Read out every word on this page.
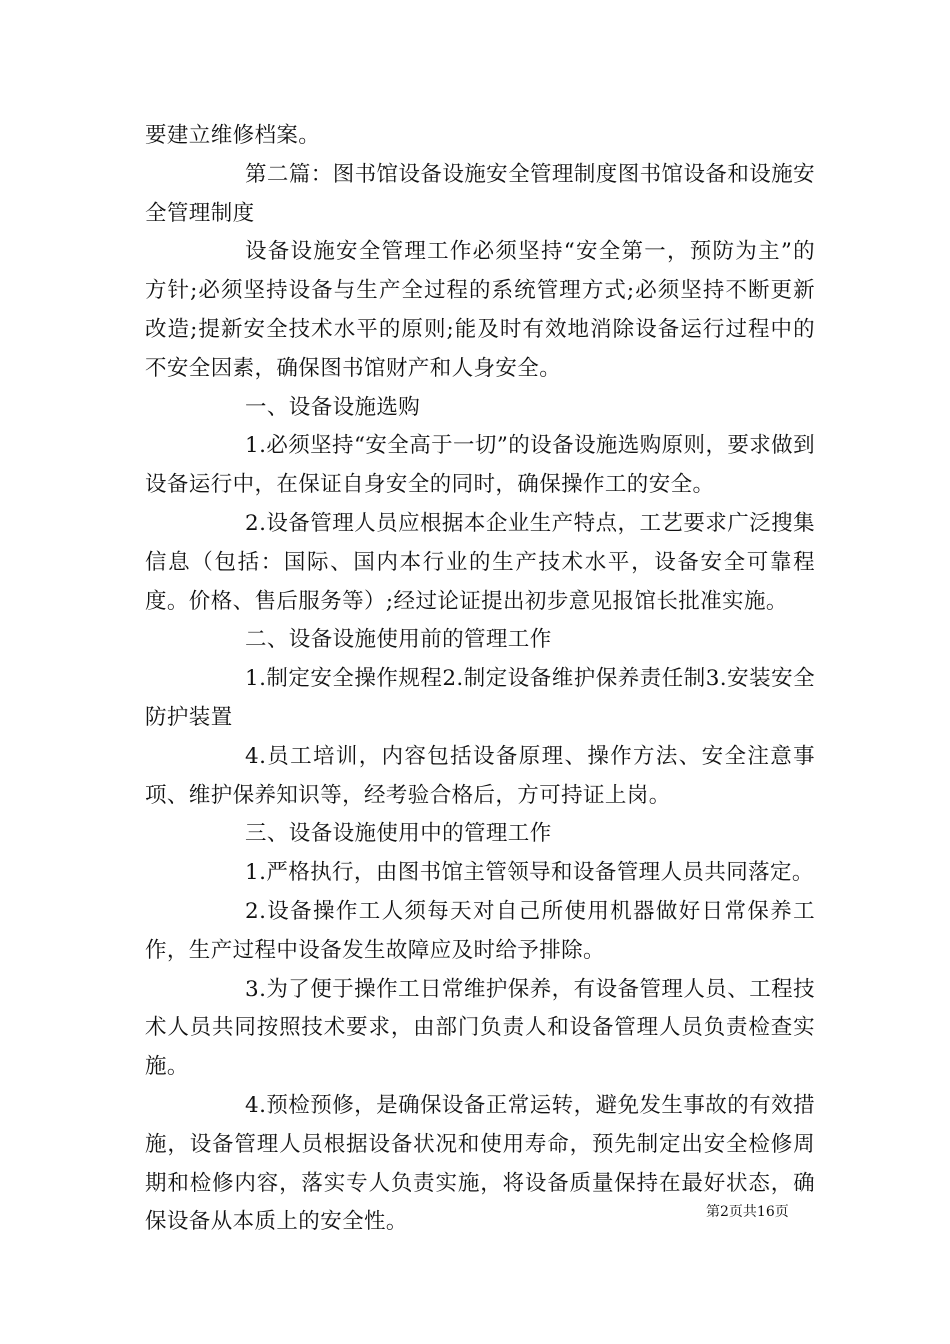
要建立维修档案。

第二篇：图书馆设备设施安全管理制度图书馆设备和设施安全管理制度

设备设施安全管理工作必须坚持“安全第一，预防为主”的方针;必须坚持设备与生产全过程的系统管理方式;必须坚持不断更新改造;提新安全技术水平的原则;能及时有效地消除设备运行过程中的不安全因素，确保图书馆财产和人身安全。

一、设备设施选购

1.必须坚持“安全高于一切”的设备设施选购原则，要求做到设备运行中，在保证自身安全的同时，确保操作工的安全。

2.设备管理人员应根据本企业生产特点，工艺要求广泛搜集信息（包括：国际、国内本行业的生产技术水平，设备安全可靠程度。价格、售后服务等）;经过论证提出初步意见报馆长批准实施。

二、设备设施使用前的管理工作

1.制定安全操作规程2.制定设备维护保养责任制3.安装安全防护装置

4.员工培训，内容包括设备原理、操作方法、安全注意事项、维护保养知识等，经考验合格后，方可持证上岗。

三、设备设施使用中的管理工作

1.严格执行，由图书馆主管领导和设备管理人员共同落定。

2.设备操作工人须每天对自己所使用机器做好日常保养工作，生产过程中设备发生故障应及时给予排除。

3.为了便于操作工日常维护保养，有设备管理人员、工程技术人员共同按照技术要求，由部门负责人和设备管理人员负责检查实施。

4.预检预修，是确保设备正常运转，避免发生事故的有效措施，设备管理人员根据设备状况和使用寿命，预先制定出安全检修周期和检修内容，落实专人负责实施，将设备质量保持在最好状态，确保设备从本质上的安全性。	第2页共16页
